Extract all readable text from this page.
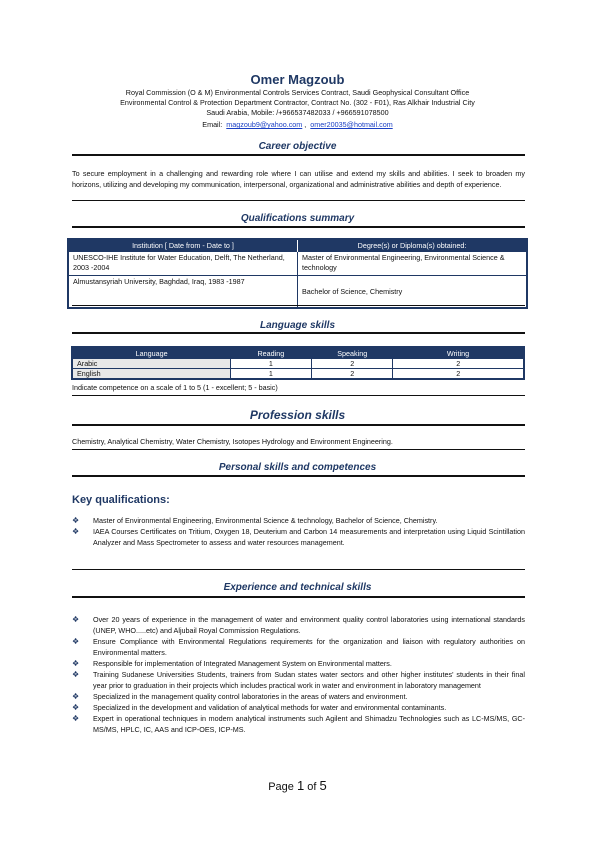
Omer Magzoub
Royal Commission (O & M) Environmental Controls Services Contract, Saudi Geophysical Consultant Office
Environmental Control & Protection Department Contractor, Contract No. (302 - F01), Ras Alkhair Industrial City
Saudi Arabia, Mobile: /+966537482033 / +966591078500
Email: magzoub9@yahoo.com , omer20035@hotmail.com
Career objective
To secure employment in a challenging and rewarding role where I can utilise and extend my skills and abilities. I seek to broaden my horizons, utilizing and developing my communication, interpersonal, organizational and administrative abilities and depth of experience.
Qualifications summary
Institution [ Date from - Date to ]	Degree(s) or Diploma(s) obtained:
UNESCO-IHE Institute for Water Education, Delft, The Netherland, 2003 -2004	Master of Environmental Engineering, Environmental Science & technology
Almustansyriah University, Baghdad, Iraq, 1983 -1987	Bachelor of Science, Chemistry
Language skills
Language	Reading	Speaking	Writing
Arabic	1	2	2
English	1	2	2
Indicate competence on a scale of 1 to 5 (1 - excellent; 5 - basic)
Profession skills
Chemistry, Analytical Chemistry, Water Chemistry, Isotopes Hydrology and Environment Engineering.
Personal skills and competences
Key qualifications:
❖ Master of Environmental Engineering, Environmental Science & technology, Bachelor of Science, Chemistry.
❖ IAEA Courses Certificates on Tritium, Oxygen 18, Deuterium and Carbon 14 measurements and interpretation using Liquid Scintillation Analyzer and Mass Spectrometer to assess and water resources management.
Experience and technical skills
❖ Over 20 years of experience in the management of water and environment quality control laboratories using international standards (UNEP, WHO.....etc) and Aljubail Royal Commission Regulations.
❖ Ensure Compliance with Environmental Regulations requirements for the organization and liaison with regulatory authorities on Environmental matters.
❖ Responsible for implementation of Integrated Management System on Environmental matters.
❖ Training Sudanese Universities Students, trainers from Sudan states water sectors and other higher institutes' students in their final year prior to graduation in their projects which includes practical work in water and environment in laboratory management
❖ Specialized in the management quality control laboratories in the areas of waters and environment.
❖ Specialized in the development and validation of analytical methods for water and environmental contaminants.
❖ Expert in operational techniques in modern analytical instruments such Agilent and Shimadzu Technologies such as LC-MS/MS, GC-MS/MS, HPLC, IC, AAS and ICP-OES, ICP-MS.
Page 1 of 5
